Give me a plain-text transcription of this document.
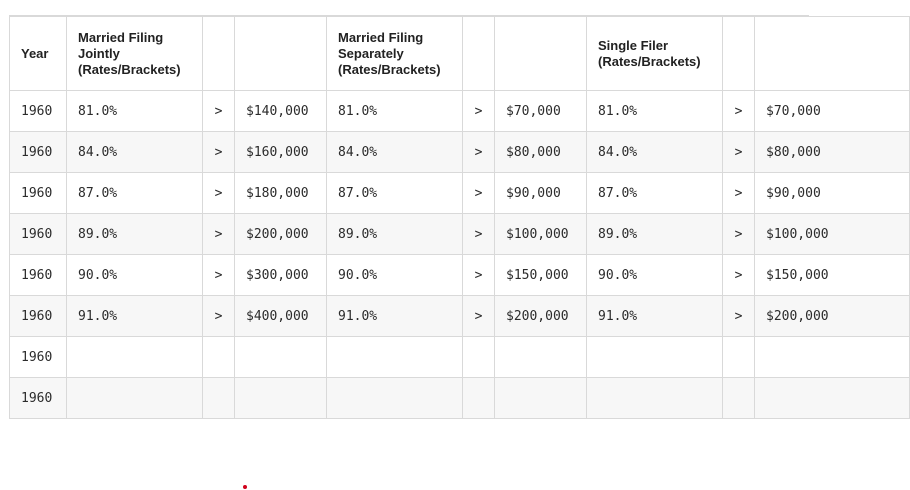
Year	Married Filing Jointly (Rates/Brackets)			Married Filing Separately (Rates/Brackets)			Single Filer (Rates/Brackets)		
1960	81.0%	>	$140,000	81.0%	>	$70,000	81.0%	>	$70,000
1960	84.0%	>	$160,000	84.0%	>	$80,000	84.0%	>	$80,000
1960	87.0%	>	$180,000	87.0%	>	$90,000	87.0%	>	$90,000
1960	89.0%	>	$200,000	89.0%	>	$100,000	89.0%	>	$100,000
1960	90.0%	>	$300,000	90.0%	>	$150,000	90.0%	>	$150,000
1960	91.0%	>	$400,000	91.0%	>	$200,000	91.0%	>	$200,000
1960									
1960									
